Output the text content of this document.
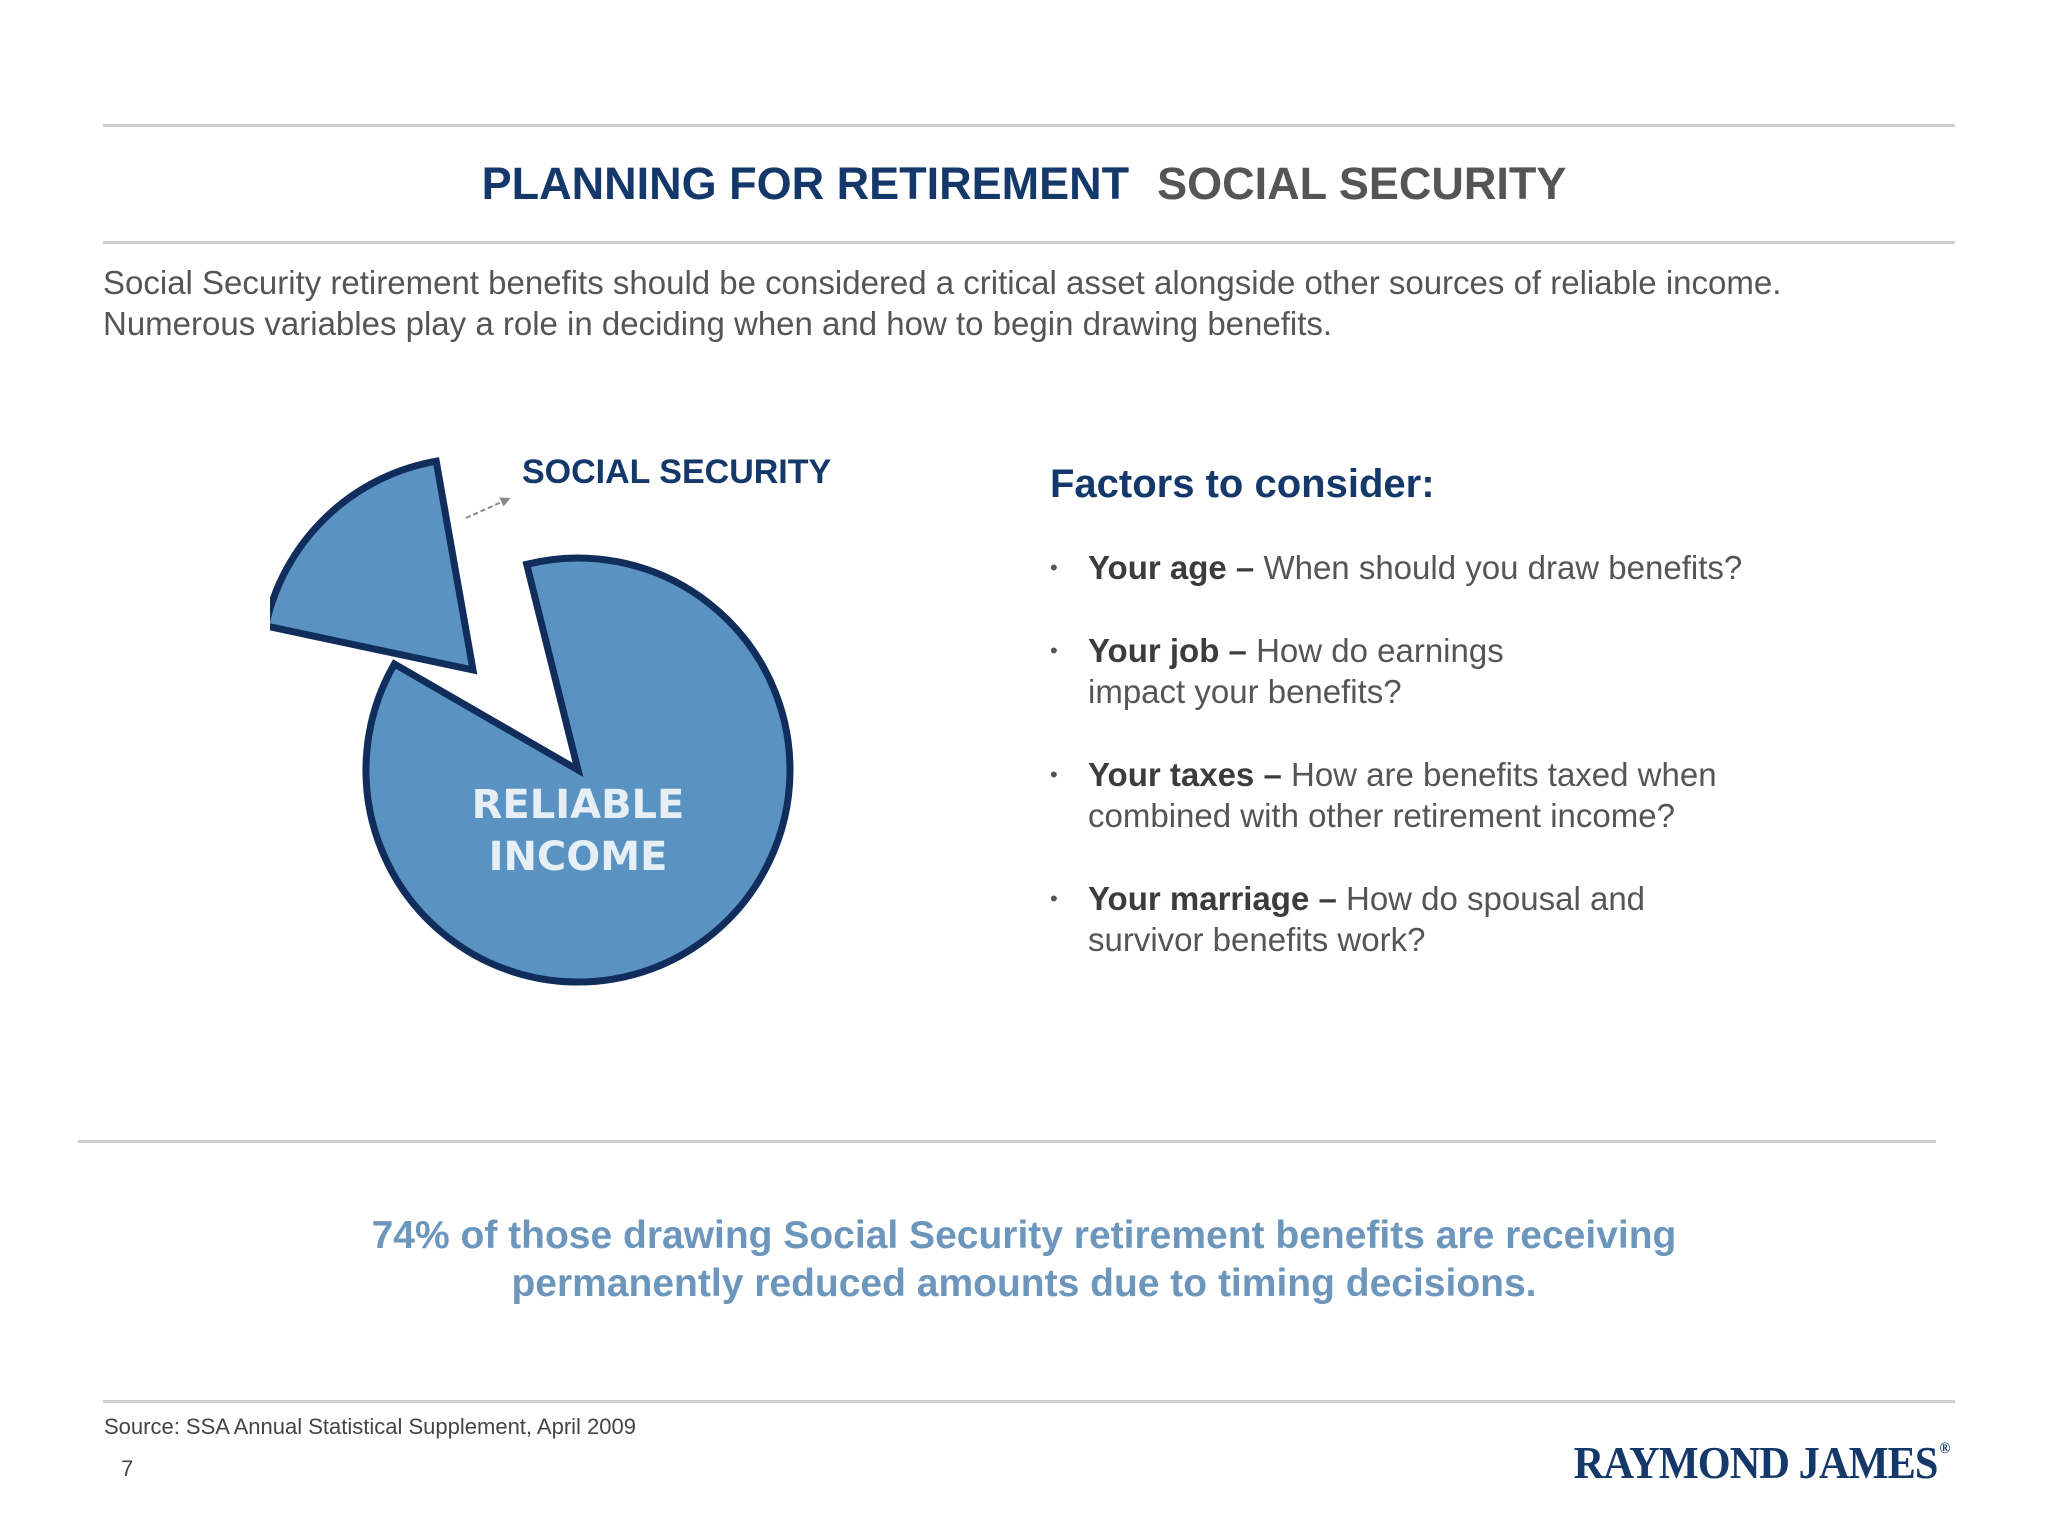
PLANNING FOR RETIREMENT SOCIAL SECURITY

Social Security retirement benefits should be considered a critical asset alongside other sources of reliable income.

Numerous variables play a role in deciding when and how to begin drawing benefits.

SOCIAL SECURITY
RELIABLE
INCOME
Factors to consider:
• Your age – When should you draw benefits?
• Your job – How do earnings
impact your benefits?
• Your taxes – How are benefits taxed when
combined with other retirement income?
• Your marriage – How do spousal and
survivor benefits work?

74% of those drawing Social Security retirement benefits are receiving

permanently reduced amounts due to timing decisions.

Source: SSA Annual Statistical Supplement, April 2009
7	RAYMOND JAMES ®
